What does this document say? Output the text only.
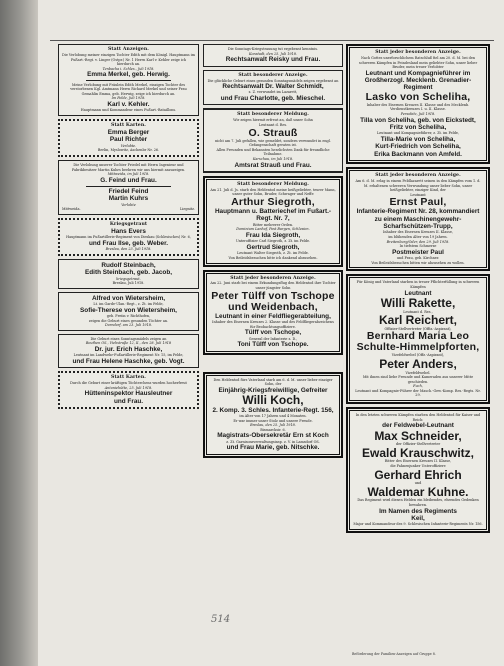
Statt Anzeigen.
Die Verlobung meiner einzigen Tochter Edith mit dem Königl. Hauptmann im Fußart.-Regt. v. Linger (Ostpr.) Nr. 1 Herrn Karl v. Kehler zeige ich hierdurch an.
Tenbacha i. Schles., Juli 1918.
Emma Merkel, geb. Herwig.
Meine Verlobung mit Fräulein Edith Merkel, einzigen Tochter des verstorbenen Kgl. Amtmann Herrn Richard Merkel und seiner Frau Gemahlin Emma, geb. Herwig, zeige ich hierdurch an.
Im Felde, Juli 1918.
Karl v. Kehler.
Hauptmann und Kommandeur eines Fußart.-Bataillons.
Statt Karten.
Emma Berger
Paul Richter
Verlobte.
Berlin, Myslowitz, Aschenbr Nr. 26.
Die Verlobung unserer Tochter Friedel mit Herrn Ingenieur und Fabrikbesitzer Martin Kuhrs beehren wir uns hiermit anzuzeigen.
Mittweida, im Juli 1918.
G. Feind und Frau.
Friedel Feind
Martin Kuhrs
Verlobte
Mittweida.	Liegnitz.
Kriegsgetraut
Hans Evers
Hauptmann im Fußartillerie-Regiment von Dieskau (Schlesisches) Nr. 6,
und Frau Ilse, geb. Weber.
Breslau, den 23. Juli 1918.
Rudolf Steinbach,
Edith Steinbach, geb. Jacob,
kriegsgetraut.
Breslau, Juli 1918.
Alfred von Wietersheim,
Lt. im Garde-Ulan.-Regt., z. Zt. im Felde,
Sofie-Therese von Wietersheim,
geb. Freiin v. Richthofen,
zeigen die Geburt eines gesunden Töchter an.
Dorndorf, am 23. Juli 1918.
Die Geburt eines Sonntagsmädels zeigen an
Beuthen OS., Viehstraße 12, II., den 28. Juli 1918
Dr. jur. Erich Haschke,
Leutnant im Landwehr-Fußartillerie-Regiment Nr. 15, im Felde,
und Frau Helene Haschke, geb. Vogt.
Statt Karten.
Durch die Geburt einer kräftigen Töchterchens wurden hocherfreut
Antoniehütte, 25. Juli 1918.
Hütteninspektor Hausleutner
und Frau.
Die Sonntags-Kriegstrauung tut ergebenst kenntnis.
Konstadt, den 25. Juli 1918.
Rechtsanwalt Reisky und Frau.
Statt besonderer Anzeige.
Die glückliche Geburt eines gesunden Sonntagsmädels zeigen ergebenst an
Rechtsanwalt Dr. Walter Schmidt,
z. Z. verwundet im Lazarett,
und Frau Charlotte, geb. Mieschel.
Statt besonderer Meldung.
Wir zeigen hiermit erfreut an, daß unser Sohn
Leutnant d. Res.
O. Strauß
nicht am 7. Juli gefallen, wie gemeldet, sondern verwundet in engl. Gefangenschaft geraten ist.
Allen Freunden und Bekannten herzlichsten Dank für freundliche Teilnahme.
Karschau, im Juli 1918.
Amtsrat Strauß und Frau.
Statt besonderer Meldung.
Am 21. Juli d. Js. starb den Heldentod meine heißgeliebter, teurer Mann, unser guter Sohn, Bruder, Schwager und Neffe
Arthur Siegroth,
Hauptmann u. Batteriechef im Fußart.-Regt. Nr. 7,
Ritter mehrerer Orden.
Dominium Lanhof, Post Bargen, Schlesien.
Frau Ida Siegroth,
Unteroffizier Carl Siegroth, z. Zt. im Felde.
Gertrud Siegroth,
Leutnant Walter Siegroth, z. Zt. im Felde.
Von Beileidsbesuchen bitte ich dankend abzusehen.
Statt jeder besonderen Anzeige.
Am 22. Juni starb bei einem Erkundungsflug den Heldentod ihre Tochter unser jüngster Sohn
Peter Tülff von Tschope und Weidenbach,
Leutnant in einer Feldfliegerabteilung,
Inhaber des Eisernen Kreuzes 2. Klasse und des Feldfliegerabzeichens für Beobachtungsoffiziere.
Tülff von Tschope,
General der Infanterie z. D.,
Toni Tülff von Tschope.
Den Heldentod fürs Vaterland starb am 6. d. M. unser lieber einziger Sohn, der
Einjährig-Kriegsfreiwillige, Gefreiter
Willi Koch,
2. Komp. 3. Schles. Infanterie-Regt. 156,
im Alter von 17 Jahren und 4 Monaten.
Er war immer unser Stolz und unsere Freude.
Breslau, den 25. Juli 1918.
Bismarcksir. 6.
Magistrats-Obersekretär Ern st Koch
z. Zt. Garnisonsverwaltungsinsp. z. V. in Lamsdorf OS.
und Frau Marie, geb. Nitschke.
Statt jeder besonderen Anzeige.
Nach Gottes unerforschlichem Ratschluß fiel am 20. d. M. bei den schweren Kämpfen in Feindesland mein geliebter Sohn, unser lieber Bruder, mein treuer Verlobter
Leutnant und Kompagnieführer im Großherzogl. Mecklenb. Grenadier-Regiment
Lasko von Scheliha,
Inhaber des Eisernen Kreuzes II. Klasse und des Mecklenb. Verdienstkreuzes I. u. II. Klasse.
Persobitz, Juli 1918.
Tilla von Scheliha, geb. von Eickstedt,
Fritz von Scheliha,
Leutnant und Kompagnieführer, z. Zt. im Felde,
Tilla-Marie von Scheliha,
Kurt-Friedrich von Scheliha,
Erika Backmann von Amfeld.
Statt jeder besonderen Anzeige.
Am 6. d. M. erlag in einem Feldlazarett seinen in den Kämpfen vom 1. d. M. erhaltenen schweren Verwundung unser lieber Sohn, unser heißgeliebter, einziger Kind, der
Leutnant
Ernst Paul,
Infanterie-Regiment Nr. 28, kommandiert zu einem Maschinengewehr-Scharfschützen-Trupp,
Inhaber des Eisernen Kreuzes II. Klasse,
im blühenden Alter von 19 Jahren.
Breitenburg/Oder, den 29. Juli 1918.
In tiefstem Schmerze
Postmeister Paul
und Frau, geb. Kirchner.
Von Beileidsbesuchen bitten wir abzusehen zu wollen.
Für König und Vaterland starben in treuer Pflichterfüllung in schweren Kämpfen
Leutnant
Willi Rakette,
Leutnant d. Res.,
Karl Reichert,
Offizier-Stellvertreter (Offiz.-Aspirant),
Bernhard Maria Leo Schulte-Himmelpforten,
Vizefeldwebel (Offz.-Aspirant),
Peter Anders,
Vizefeldwebel.
Mit ihnen sind liebe Freunde und Kameraden aus unserer Mitte geschieden.
Fuch,
Leutnant und Kompagnie-Führer der Masch.-Gew.-Komp. Res.-Regts. Nr. 29.
In den letzten schweren Kämpfen starben den Heldentod für Kaiser und Reich:
der Feldwebel-Leutnant
Max Schneider,
der Offizier-Stellvertreter
Ewald Krauschwitz,
Ritter des Eisernen Kreuzes II. Klasse,
die Fahnenjunker Unteroffiziere
Gerhard Ehrich
und
Waldemar Kuhne.
Das Regiment wird diesen Helden ein bleibendes, ehrendes Gedenken bewahren.
Im Namen des Regiments
Keil,
Major und Kommandeur des 9. Schlesischen Infanterie-Regiments Nr. 156.
514
Beförderung der Familien-Anzeigen auf Gruppe 8.
